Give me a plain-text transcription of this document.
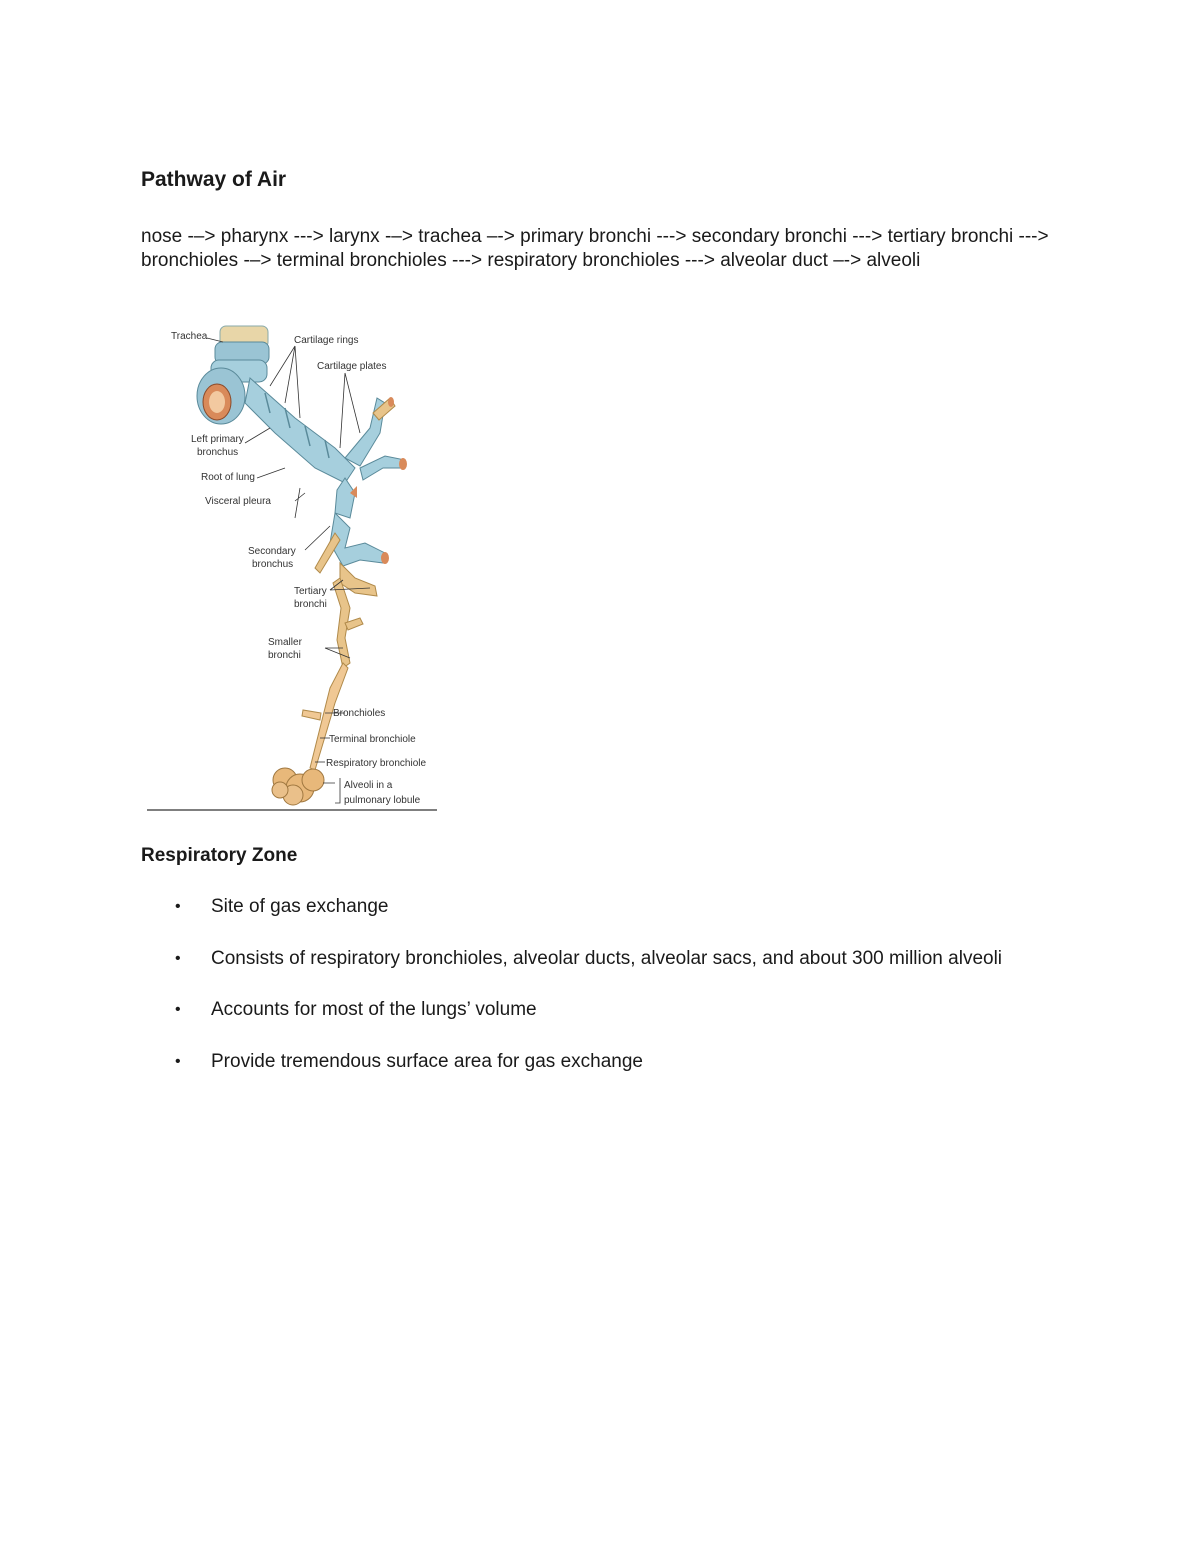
Pathway of Air

nose -–> pharynx ---> larynx -–> trachea –-> primary bronchi ---> secondary bronchi ---> tertiary bronchi ---> bronchioles -–> terminal bronchioles ---> respiratory bronchioles ---> alveolar duct –-> alveoli

Trachea	Cartilage rings
Cartilage plates
Left primary
bronchus
Root of lung
Visceral pleura
Secondary
bronchus
Tertiary
bronchi
Smaller
bronchi
Bronchioles
Terminal bronchiole
Respiratory bronchiole
Alveoli in a
pulmonary lobule
Respiratory Zone
• Site of gas exchange
• Consists of respiratory bronchioles, alveolar ducts, alveolar sacs, and about 300 million alveoli
• Accounts for most of the lungs’ volume
• Provide tremendous surface area for gas exchange
